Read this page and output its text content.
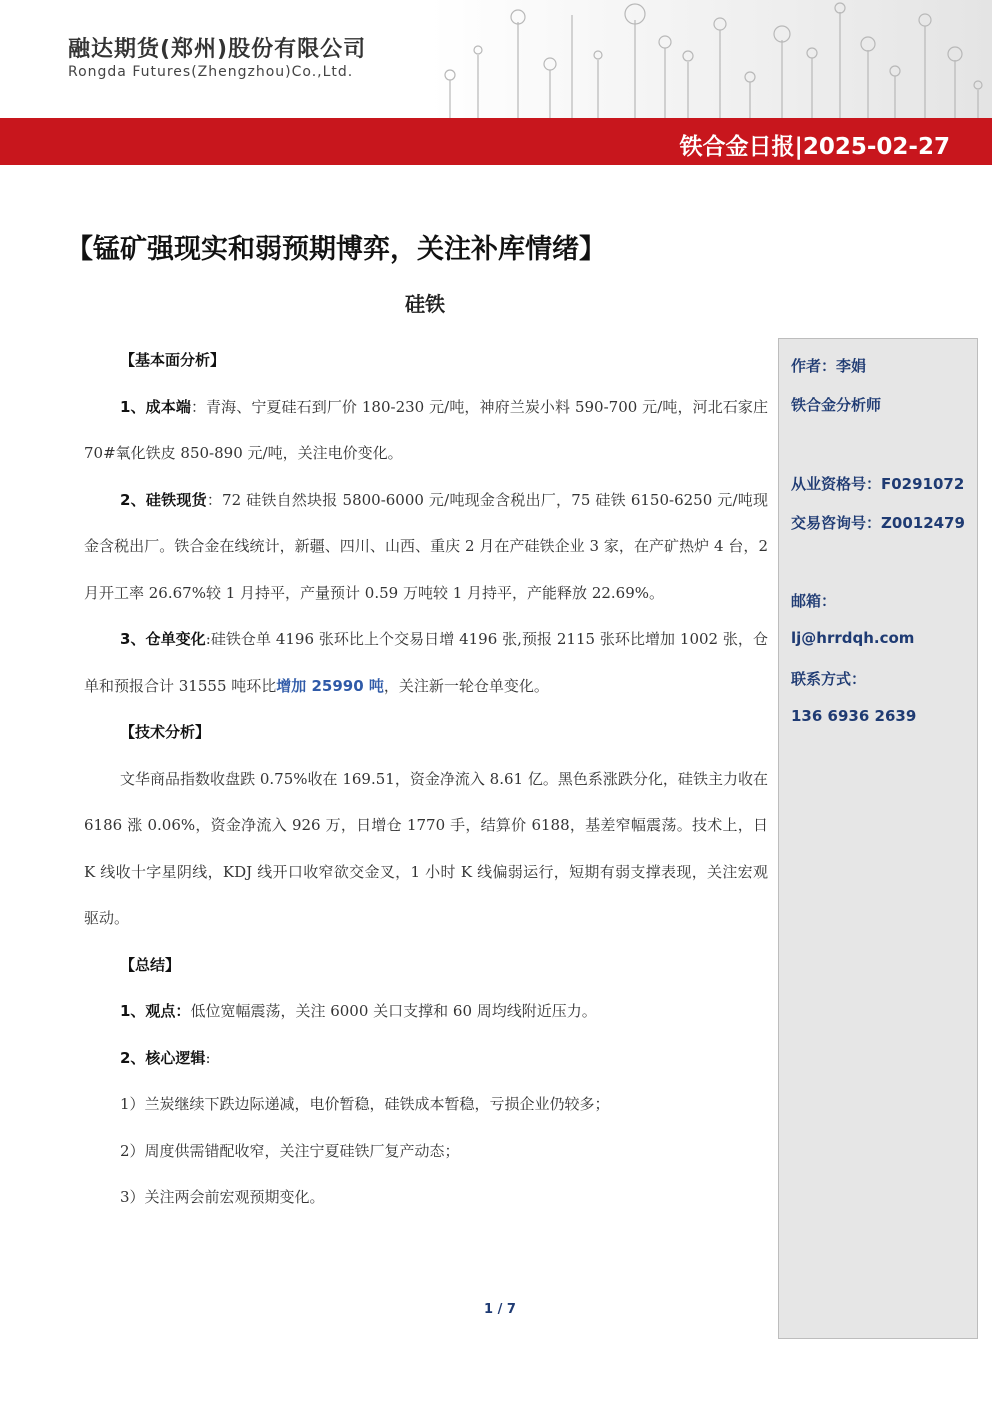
融达期货(郑州)股份有限公司
Rongda Futures(Zhengzhou)Co.,Ltd.
铁合金日报|2025-02-27
【锰矿强现实和弱预期博弈，关注补库情绪】
硅铁

【基本面分析】

1、成本端：青海、宁夏硅石到厂价 180-230 元/吨，神府兰炭小料 590-700 元/吨，河北石家庄 70#氧化铁皮 850-890 元/吨，关注电价变化。

2、硅铁现货：72 硅铁自然块报 5800-6000 元/吨现金含税出厂，75 硅铁 6150-6250 元/吨现金含税出厂。铁合金在线统计，新疆、四川、山西、重庆 2 月在产硅铁企业 3 家，在产矿热炉 4 台，2 月开工率 26.67%较 1 月持平，产量预计 0.59 万吨较 1 月持平，产能释放 22.69%。

3、仓单变化:硅铁仓单 4196 张环比上个交易日增 4196 张,预报 2115 张环比增加 1002 张，仓单和预报合计 31555 吨环比增加 25990 吨，关注新一轮仓单变化。

【技术分析】

文华商品指数收盘跌 0.75%收在 169.51，资金净流入 8.61 亿。黑色系涨跌分化，硅铁主力收在 6186 涨 0.06%，资金净流入 926 万，日增仓 1770 手，结算价 6188，基差窄幅震荡。技术上，日 K 线收十字星阴线，KDJ 线开口收窄欲交金叉，1 小时 K 线偏弱运行，短期有弱支撑表现，关注宏观驱动。

【总结】

1、观点：低位宽幅震荡，关注 6000 关口支撑和 60 周均线附近压力。

2、核心逻辑:

1）兰炭继续下跌边际递减，电价暂稳，硅铁成本暂稳，亏损企业仍较多；

2）周度供需错配收窄，关注宁夏硅铁厂复产动态；

3）关注两会前宏观预期变化。

作者：李娟
铁合金分析师
从业资格号：F0291072
交易咨询号：Z0012479
邮箱：
lj@hrrdqh.com
联系方式：
136 6936 2639
1 / 7
